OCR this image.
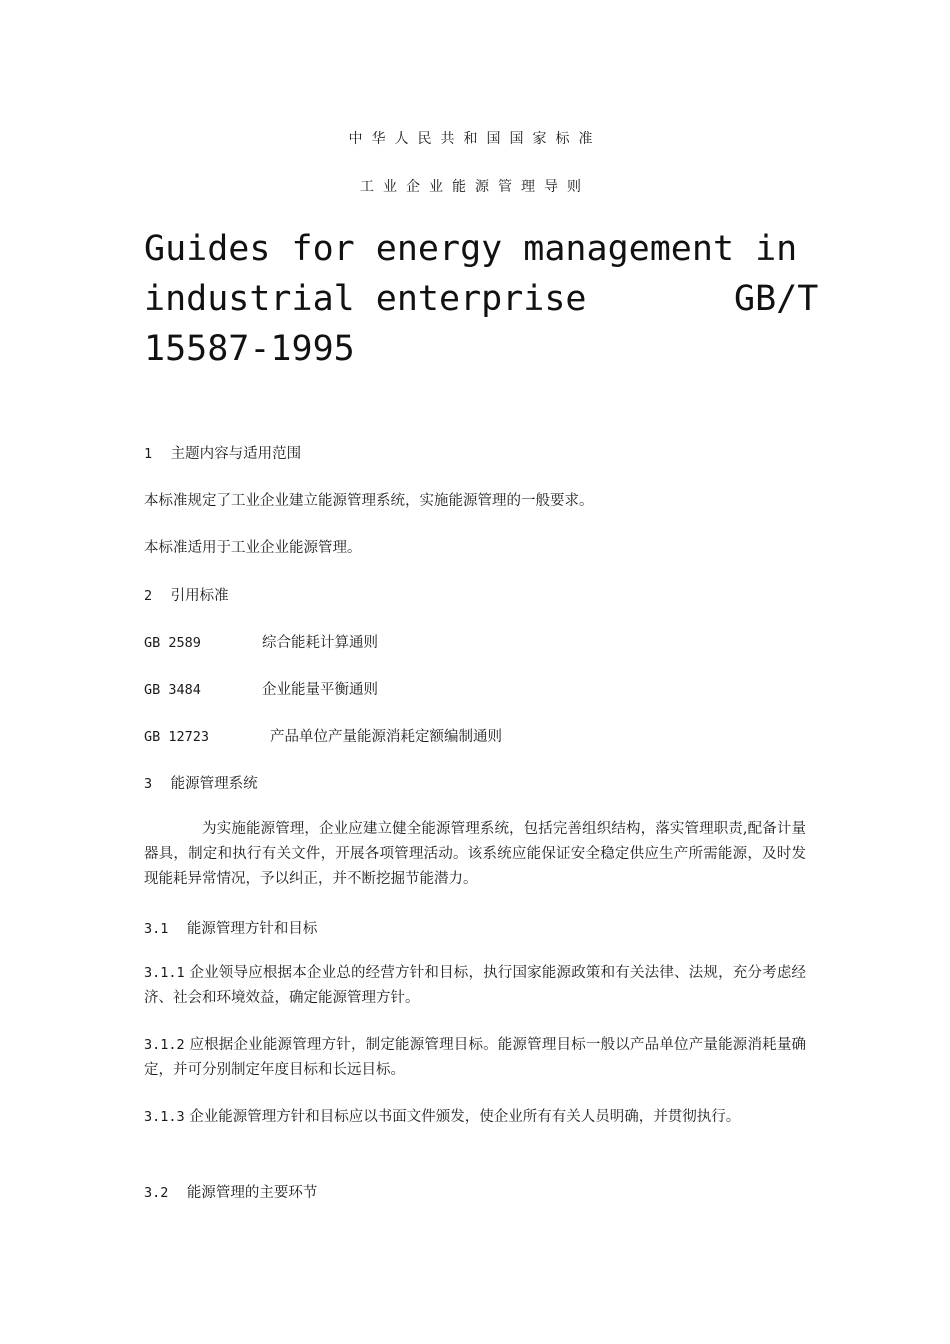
中华人民共和国国家标准
工业企业能源管理导则
Guides for energy management in
industrial enterprise       GB/T
15587-1995
1 主题内容与适用范围
本标准规定了工业企业建立能源管理系统，实施能源管理的一般要求。
本标准适用于工业企业能源管理。
2 引用标准
GB 2589	综合能耗计算通则
GB 3484	企业能量平衡通则
GB 12723	产品单位产量能源消耗定额编制通则
3 能源管理系统
为实施能源管理，企业应建立健全能源管理系统，包括完善组织结构，落实管理职责,配备计量器具，制定和执行有关文件，开展各项管理活动。该系统应能保证安全稳定供应生产所需能源，及时发现能耗异常情况，予以纠正，并不断挖掘节能潜力。
3.1 能源管理方针和目标
3.1.1 企业领导应根据本企业总的经营方针和目标，执行国家能源政策和有关法律、法规，充分考虑经济、社会和环境效益，确定能源管理方针。
3.1.2 应根据企业能源管理方针，制定能源管理目标。能源管理目标一般以产品单位产量能源消耗量确定，并可分别制定年度目标和长远目标。
3.1.3 企业能源管理方针和目标应以书面文件颁发，使企业所有有关人员明确，并贯彻执行。
3.2 能源管理的主要环节
